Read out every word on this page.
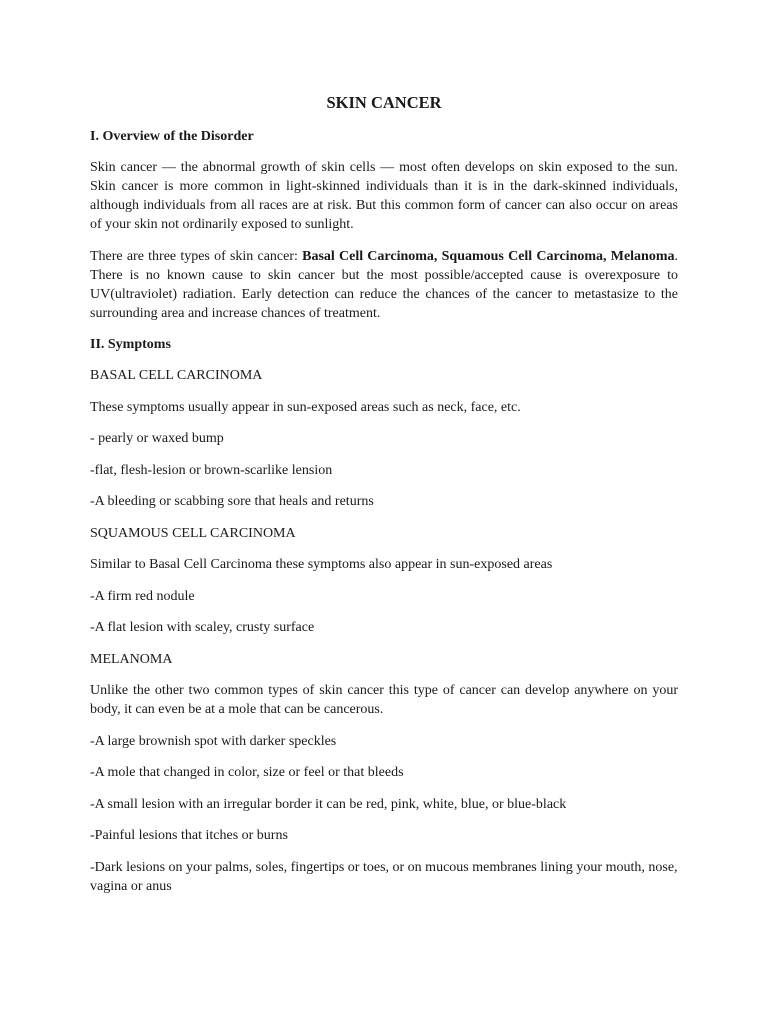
SKIN CANCER
I. Overview of the Disorder

Skin cancer — the abnormal growth of skin cells — most often develops on skin exposed to the sun. Skin cancer is more common in light-skinned individuals than it is in the dark-skinned individuals, although individuals from all races are at risk. But this common form of cancer can also occur on areas of your skin not ordinarily exposed to sunlight.

There are three types of skin cancer: Basal Cell Carcinoma, Squamous Cell Carcinoma, Melanoma. There is no known cause to skin cancer but the most possible/accepted cause is overexposure to UV(ultraviolet) radiation. Early detection can reduce the chances of the cancer to metastasize to the surrounding area and increase chances of treatment.

II. Symptoms

BASAL CELL CARCINOMA

These symptoms usually appear in sun-exposed areas such as neck, face, etc.

- pearly or waxed bump

-flat, flesh-lesion or brown-scarlike lension

-A bleeding or scabbing sore that heals and returns

SQUAMOUS CELL CARCINOMA

Similar to Basal Cell Carcinoma these symptoms also appear in sun-exposed areas

-A firm red nodule

-A flat lesion with scaley, crusty surface

MELANOMA

Unlike the other two common types of skin cancer this type of cancer can develop anywhere on your body, it can even be at a mole that can be cancerous.

-A large brownish spot with darker speckles

-A mole that changed in color, size or feel or that bleeds

-A small lesion with an irregular border it can be red, pink, white, blue, or blue-black

-Painful lesions that itches or burns

-Dark lesions on your palms, soles, fingertips or toes, or on mucous membranes lining your mouth, nose, vagina or anus
